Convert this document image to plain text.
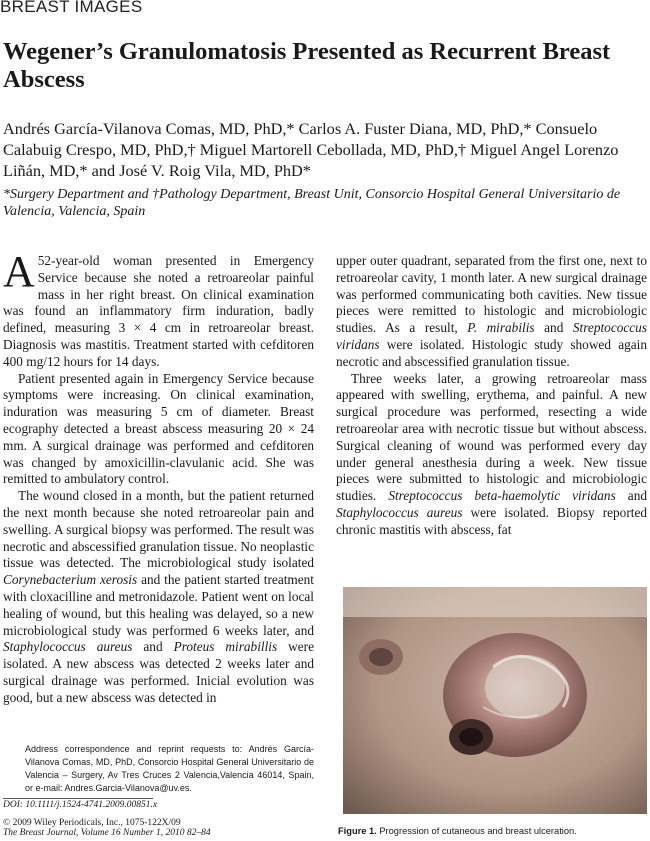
BREAST IMAGES
Wegener’s Granulomatosis Presented as Recurrent Breast Abscess

Andrés García-Vilanova Comas, MD, PhD,* Carlos A. Fuster Diana, MD, PhD,* Consuelo Calabuig Crespo, MD, PhD,† Miguel Martorell Cebollada, MD, PhD,† Miguel Angel Lorenzo Liñán, MD,* and José V. Roig Vila, MD, PhD*

*Surgery Department and †Pathology Department, Breast Unit, Consorcio Hospital General Universitario de Valencia, Valencia, Spain

A 52-year-old woman presented in Emergency Service because she noted a retroareolar painful mass in her right breast. On clinical examination was found an inflammatory firm induration, badly defined, measuring 3 × 4 cm in retroareolar breast. Diagnosis was mastitis. Treatment started with cefditoren 400 mg/12 hours for 14 days.

Patient presented again in Emergency Service because symptoms were increasing. On clinical examination, induration was measuring 5 cm of diameter. Breast ecography detected a breast abscess measuring 20 × 24 mm. A surgical drainage was performed and cefditoren was changed by amoxicillin-clavulanic acid. She was remitted to ambulatory control.

The wound closed in a month, but the patient returned the next month because she noted retroareolar pain and swelling. A surgical biopsy was performed. The result was necrotic and abscessified granulation tissue. No neoplastic tissue was detected. The microbiological study isolated Corynebacterium xerosis and the patient started treatment with cloxacilline and metronidazole. Patient went on local healing of wound, but this healing was delayed, so a new microbiological study was performed 6 weeks later, and Staphylococcus aureus and Proteus mirabillis were isolated. A new abscess was detected 2 weeks later and surgical drainage was performed. Inicial evolution was good, but a new abscess was detected in

upper outer quadrant, separated from the first one, next to retroareolar cavity, 1 month later. A new surgical drainage was performed communicating both cavities. New tissue pieces were remitted to histologic and microbiologic studies. As a result, P. mirabilis and Streptococcus viridans were isolated. Histologic study showed again necrotic and abscessified granulation tissue.

Three weeks later, a growing retroareolar mass appeared with swelling, erythema, and painful. A new surgical procedure was performed, resecting a wide retroareolar area with necrotic tissue but without abscess. Surgical cleaning of wound was performed every day under general anesthesia during a week. New tissue pieces were submitted to histologic and microbiologic studies. Streptococcus beta-haemolytic viridans and Staphylococcus aureus were isolated. Biopsy reported chronic mastitis with abscess, fat

Address correspondence and reprint requests to: Andrés García-Vilanova Comas, MD, PhD, Consorcio Hospital General Universitario de Valencia – Surgery, Av Tres Cruces 2 Valencia,Valencia 46014, Spain, or e-mail: Andres.Garcia-Vilanova@uv.es.
DOI: 10.1111/j.1524-4741.2009.00851.x
© 2009 Wiley Periodicals, Inc., 1075-122X/09
The Breast Journal, Volume 16 Number 1, 2010 82–84	Figure 1. Progression of cutaneous and breast ulceration.
